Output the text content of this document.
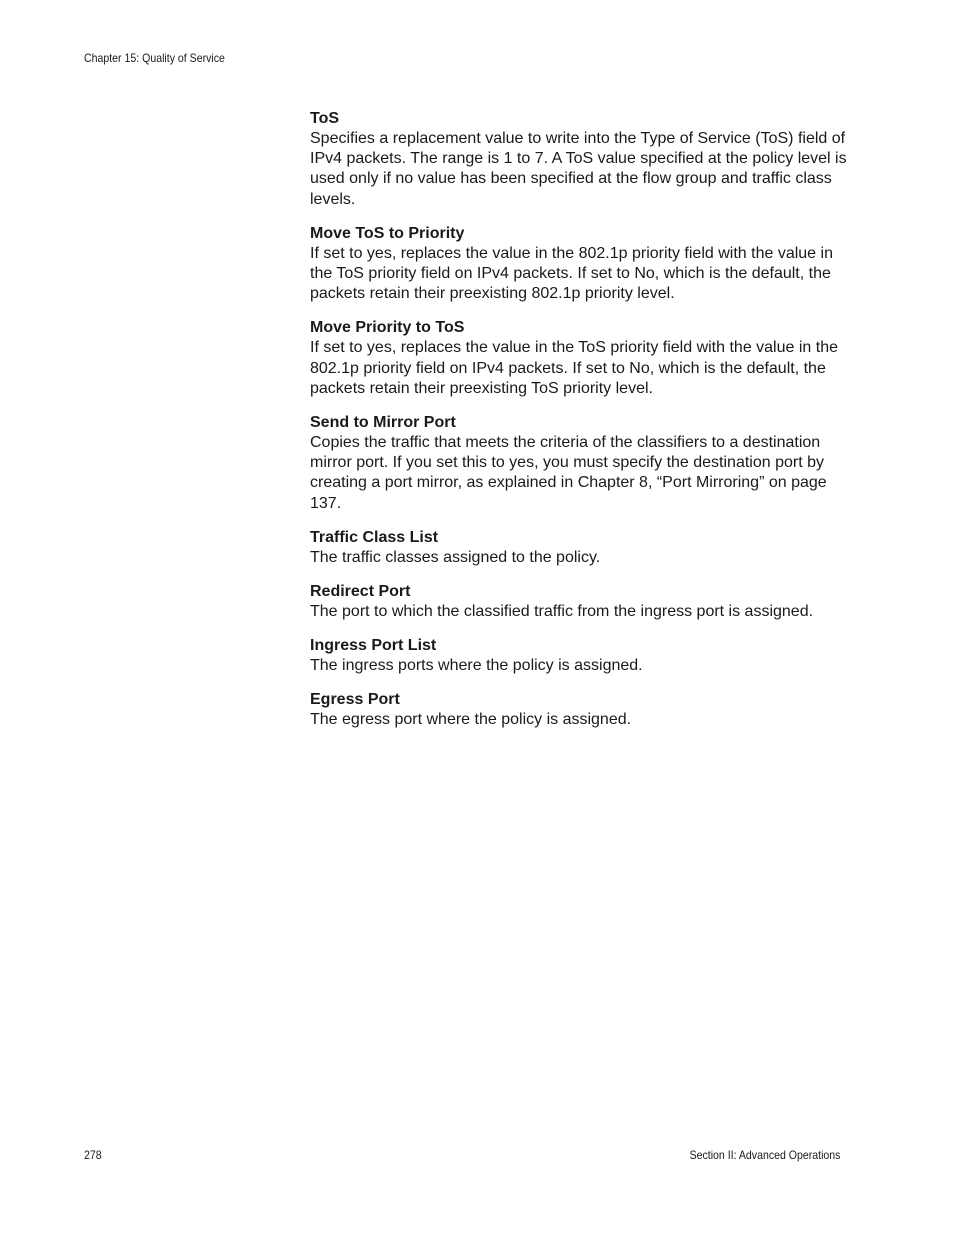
Chapter 15: Quality of Service

ToS

Specifies a replacement value to write into the Type of Service (ToS) field of IPv4 packets. The range is 1 to 7. A ToS value specified at the policy level is used only if no value has been specified at the flow group and traffic class levels.

Move ToS to Priority

If set to yes, replaces the value in the 802.1p priority field with the value in the ToS priority field on IPv4 packets. If set to No, which is the default, the packets retain their preexisting 802.1p priority level.

Move Priority to ToS

If set to yes, replaces the value in the ToS priority field with the value in the 802.1p priority field on IPv4 packets. If set to No, which is the default, the packets retain their preexisting ToS priority level.

Send to Mirror Port

Copies the traffic that meets the criteria of the classifiers to a destination mirror port. If you set this to yes, you must specify the destination port by creating a port mirror, as explained in Chapter 8, “Port Mirroring” on page 137.

Traffic Class List

The traffic classes assigned to the policy.

Redirect Port

The port to which the classified traffic from the ingress port is assigned.

Ingress Port List

The ingress ports where the policy is assigned.

Egress Port

The egress port where the policy is assigned.

278	Section II: Advanced Operations
